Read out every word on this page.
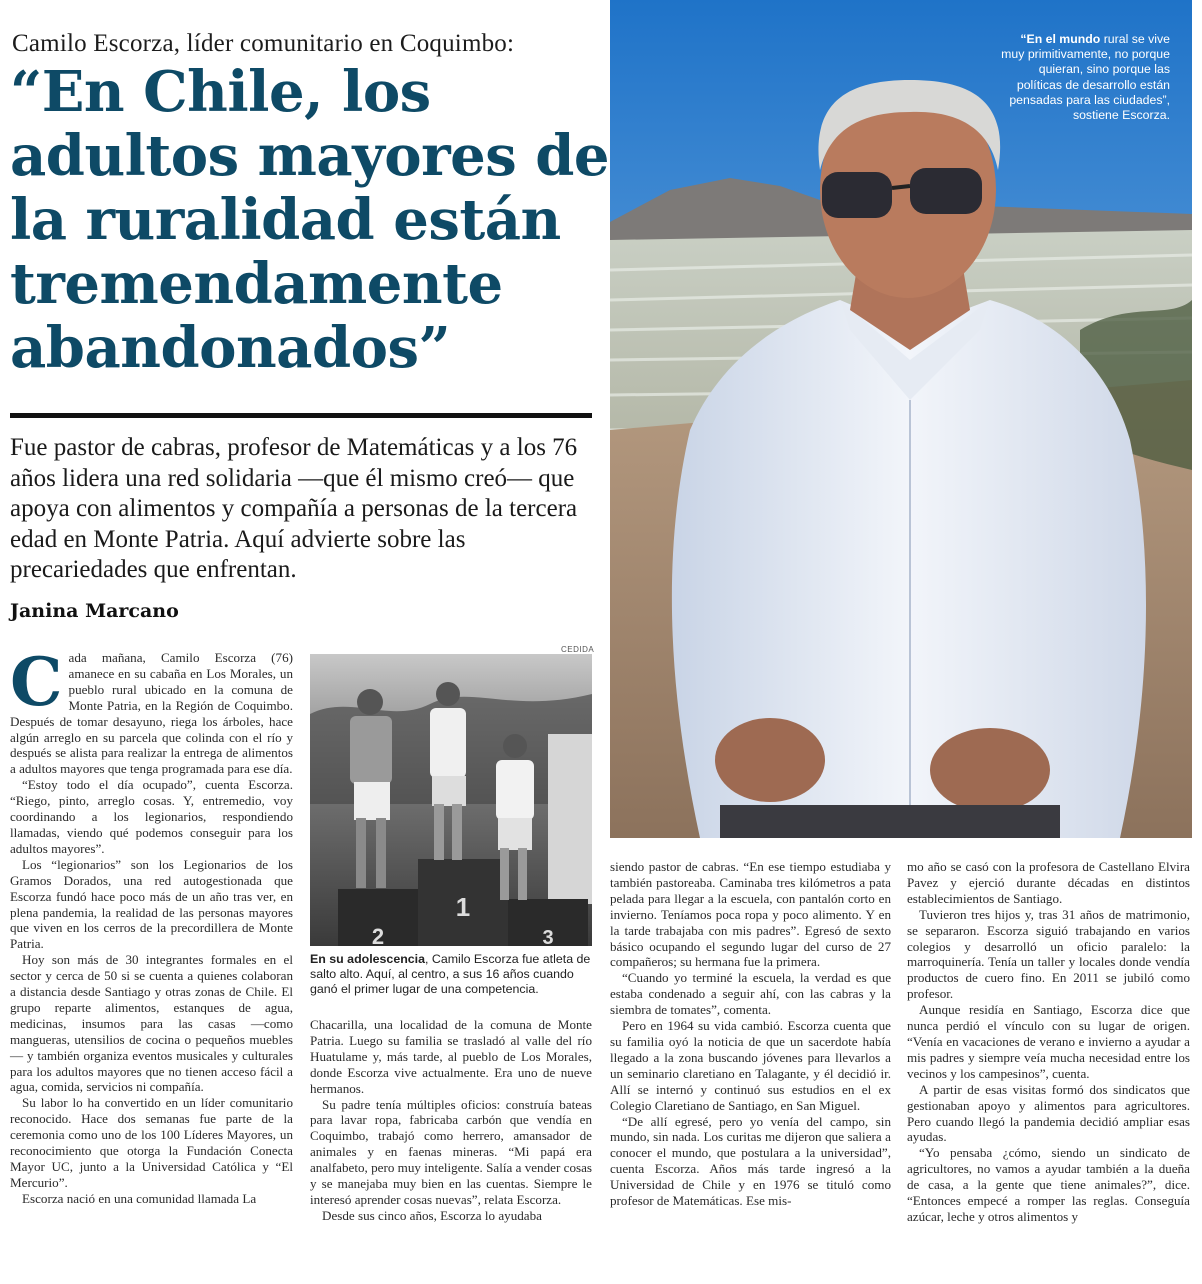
Camilo Escorza, líder comunitario en Coquimbo:
“En Chile, los adultos mayores de la ruralidad están tremendamente abandonados”
Fue pastor de cabras, profesor de Matemáticas y a los 76 años lidera una red solidaria —que él mismo creó— que apoya con alimentos y compañía a personas de la tercera edad en Monte Patria. Aquí advierte sobre las precariedades que enfrentan.
Janina Marcano
“En el mundo rural se vive muy primitivamente, no porque quieran, sino porque las políticas de desarrollo están pensadas para las ciudades”, sostiene Escorza.
C ada mañana, Camilo Escorza (76) amanece en su cabaña en Los Morales, un pueblo rural ubicado en la comuna de Monte Patria, en la Región de Coquimbo. Después de tomar desayuno, riega los árboles, hace algún arreglo en su parcela que colinda con el río y después se alista para realizar la entrega de alimentos a adultos mayores que tenga programada para ese día.

“Estoy todo el día ocupado”, cuenta Escorza. “Riego, pinto, arreglo cosas. Y, entremedio, voy coordinando a los legionarios, respondiendo llamadas, viendo qué podemos conseguir para los adultos mayores”.

Los “legionarios” son los Legionarios de los Gramos Dorados, una red autogestionada que Escorza fundó hace poco más de un año tras ver, en plena pandemia, la realidad de las personas mayores que viven en los cerros de la precordillera de Monte Patria.

Hoy son más de 30 integrantes formales en el sector y cerca de 50 si se cuenta a quienes colaboran a distancia desde Santiago y otras zonas de Chile. El grupo reparte alimentos, estanques de agua, medicinas, insumos para las casas —como mangueras, utensilios de cocina o pequeños muebles— y también organiza eventos musicales y culturales para los adultos mayores que no tienen acceso fácil a agua, comida, servicios ni compañía.

Su labor lo ha convertido en un líder comunitario reconocido. Hace dos semanas fue parte de la ceremonia como uno de los 100 Líderes Mayores, un reconocimiento que otorga la Fundación Conecta Mayor UC, junto a la Universidad Católica y “El Mercurio”.

Escorza nació en una comunidad llamada La

CEDIDA
2
1
3
En su adolescencia, Camilo Escorza fue atleta de salto alto. Aquí, al centro, a sus 16 años cuando ganó el primer lugar de una competencia.

Chacarilla, una localidad de la comuna de Monte Patria. Luego su familia se trasladó al valle del río Huatulame y, más tarde, al pueblo de Los Morales, donde Escorza vive actualmente. Era uno de nueve hermanos.

Su padre tenía múltiples oficios: construía bateas para lavar ropa, fabricaba carbón que vendía en Coquimbo, trabajó como herrero, amansador de animales y en faenas mineras. “Mi papá era analfabeto, pero muy inteligente. Salía a vender cosas y se manejaba muy bien en las cuentas. Siempre le interesó aprender cosas nuevas”, relata Escorza.

Desde sus cinco años, Escorza lo ayudaba

siendo pastor de cabras. “En ese tiempo estudiaba y también pastoreaba. Caminaba tres kilómetros a pata pelada para llegar a la escuela, con pantalón corto en invierno. Teníamos poca ropa y poco alimento. Y en la tarde trabajaba con mis padres”. Egresó de sexto básico ocupando el segundo lugar del curso de 27 compañeros; su hermana fue la primera.

“Cuando yo terminé la escuela, la verdad es que estaba condenado a seguir ahí, con las cabras y la siembra de tomates”, comenta.

Pero en 1964 su vida cambió. Escorza cuenta que su familia oyó la noticia de que un sacerdote había llegado a la zona buscando jóvenes para llevarlos a un seminario claretiano en Talagante, y él decidió ir. Allí se internó y continuó sus estudios en el ex Colegio Claretiano de Santiago, en San Miguel.

“De allí egresé, pero yo venía del campo, sin mundo, sin nada. Los curitas me dijeron que saliera a conocer el mundo, que postulara a la universidad”, cuenta Escorza. Años más tarde ingresó a la Universidad de Chile y en 1976 se tituló como profesor de Matemáticas. Ese mis-

mo año se casó con la profesora de Castellano Elvira Pavez y ejerció durante décadas en distintos establecimientos de Santiago.

Tuvieron tres hijos y, tras 31 años de matrimonio, se separaron. Escorza siguió trabajando en varios colegios y desarrolló un oficio paralelo: la marroquinería. Tenía un taller y locales donde vendía productos de cuero fino. En 2011 se jubiló como profesor.

Aunque residía en Santiago, Escorza dice que nunca perdió el vínculo con su lugar de origen. “Venía en vacaciones de verano e invierno a ayudar a mis padres y siempre veía mucha necesidad entre los vecinos y los campesinos”, cuenta.

A partir de esas visitas formó dos sindicatos que gestionaban apoyo y alimentos para agricultores. Pero cuando llegó la pandemia decidió ampliar esas ayudas.

“Yo pensaba ¿cómo, siendo un sindicato de agricultores, no vamos a ayudar también a la dueña de casa, a la gente que tiene animales?”, dice. “Entonces empecé a romper las reglas. Conseguía azúcar, leche y otros alimentos y
